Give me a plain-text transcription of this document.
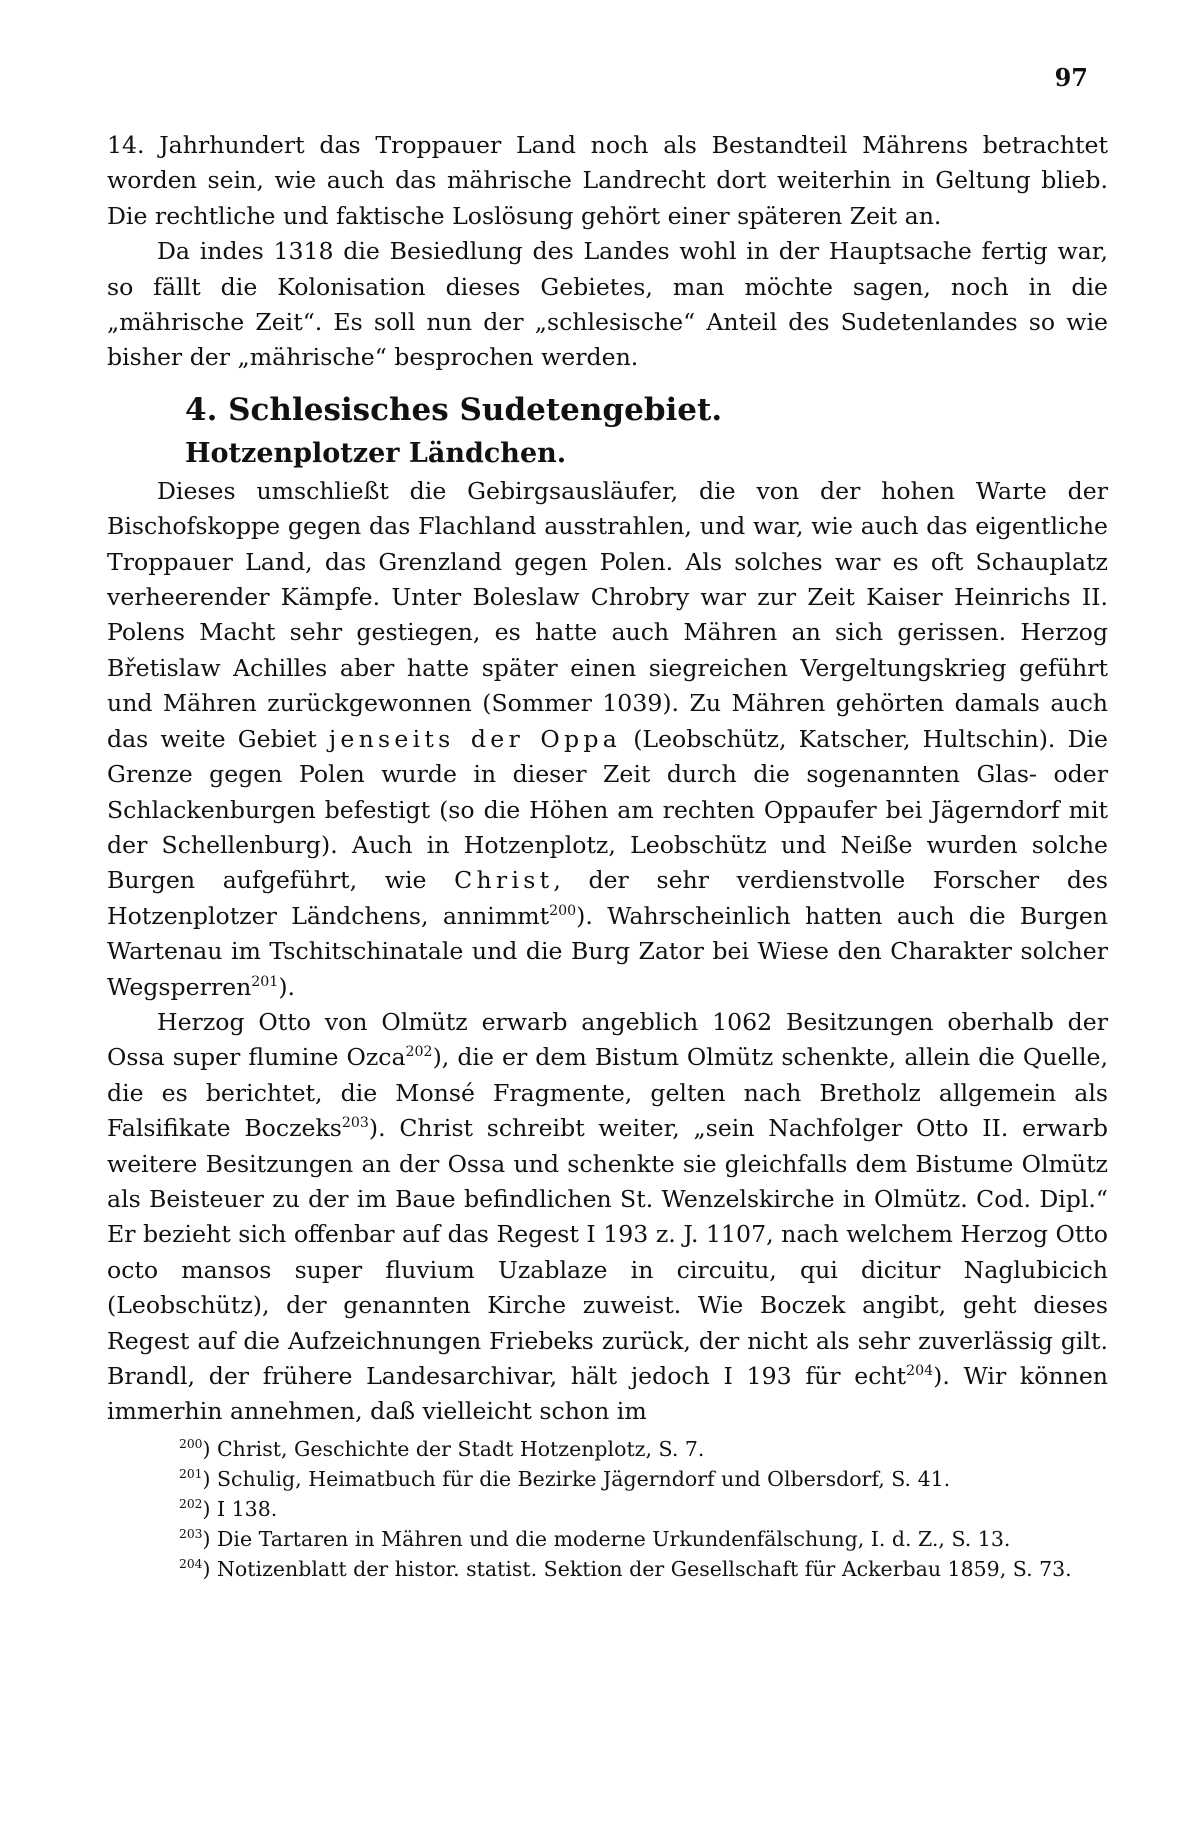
97

14. Jahrhundert das Troppauer Land noch als Bestandteil Mährens betrachtet worden sein, wie auch das mährische Landrecht dort weiterhin in Geltung blieb. Die rechtliche und faktische Loslösung gehört einer späteren Zeit an.

Da indes 1318 die Besiedlung des Landes wohl in der Hauptsache fertig war, so fällt die Kolonisation dieses Gebietes, man möchte sagen, noch in die „mährische Zeit“. Es soll nun der „schlesische“ Anteil des Sudetenlandes so wie bisher der „mährische“ besprochen werden.

4. Schlesisches Sudetengebiet.
Hotzenplotzer Ländchen.

Dieses umschließt die Gebirgsausläufer, die von der hohen Warte der Bischofskoppe gegen das Flachland ausstrahlen, und war, wie auch das eigentliche Troppauer Land, das Grenzland gegen Polen. Als solches war es oft Schauplatz verheerender Kämpfe. Unter Boleslaw Chrobry war zur Zeit Kaiser Heinrichs II. Polens Macht sehr gestiegen, es hatte auch Mähren an sich gerissen. Herzog Břetislaw Achilles aber hatte später einen siegreichen Vergeltungskrieg geführt und Mähren zurückgewonnen (Sommer 1039). Zu Mähren gehörten damals auch das weite Gebiet jenseits der Oppa (Leobschütz, Katscher, Hultschin). Die Grenze gegen Polen wurde in dieser Zeit durch die sogenannten Glas- oder Schlackenburgen befestigt (so die Höhen am rechten Oppaufer bei Jägerndorf mit der Schellenburg). Auch in Hotzenplotz, Leobschütz und Neiße wurden solche Burgen aufgeführt, wie Christ, der sehr verdienstvolle Forscher des Hotzenplotzer Ländchens, annimmt$^{200}$). Wahrscheinlich hatten auch die Burgen Wartenau im Tschitschinatale und die Burg Zator bei Wiese den Charakter solcher Wegsperren$^{201}$).

Herzog Otto von Olmütz erwarb angeblich 1062 Besitzungen oberhalb der Ossa super flumine Ozca$^{202}$), die er dem Bistum Olmütz schenkte, allein die Quelle, die es berichtet, die Monsé Fragmente, gelten nach Bretholz allgemein als Falsifikate Boczeks$^{203}$). Christ schreibt weiter, „sein Nachfolger Otto II. erwarb weitere Besitzungen an der Ossa und schenkte sie gleichfalls dem Bistume Olmütz als Beisteuer zu der im Baue befindlichen St. Wenzelskirche in Olmütz. Cod. Dipl.“ Er bezieht sich offenbar auf das Regest I 193 z. J. 1107, nach welchem Herzog Otto octo mansos super fluvium Uzablaze in circuitu, qui dicitur Naglubicich (Leobschütz), der genannten Kirche zuweist. Wie Boczek angibt, geht dieses Regest auf die Aufzeichnungen Friebeks zurück, der nicht als sehr zuverlässig gilt. Brandl, der frühere Landesarchivar, hält jedoch I 193 für echt$^{204}$). Wir können immerhin annehmen, daß vielleicht schon im

$^{200}$) Christ, Geschichte der Stadt Hotzenplotz, S. 7.

$^{201}$) Schulig, Heimatbuch für die Bezirke Jägerndorf und Olbersdorf, S. 41.

$^{202}$) I 138.

$^{203}$) Die Tartaren in Mähren und die moderne Urkundenfälschung, I. d. Z., S. 13.

$^{204}$) Notizenblatt der histor. statist. Sektion der Gesellschaft für Ackerbau 1859, S. 73.
